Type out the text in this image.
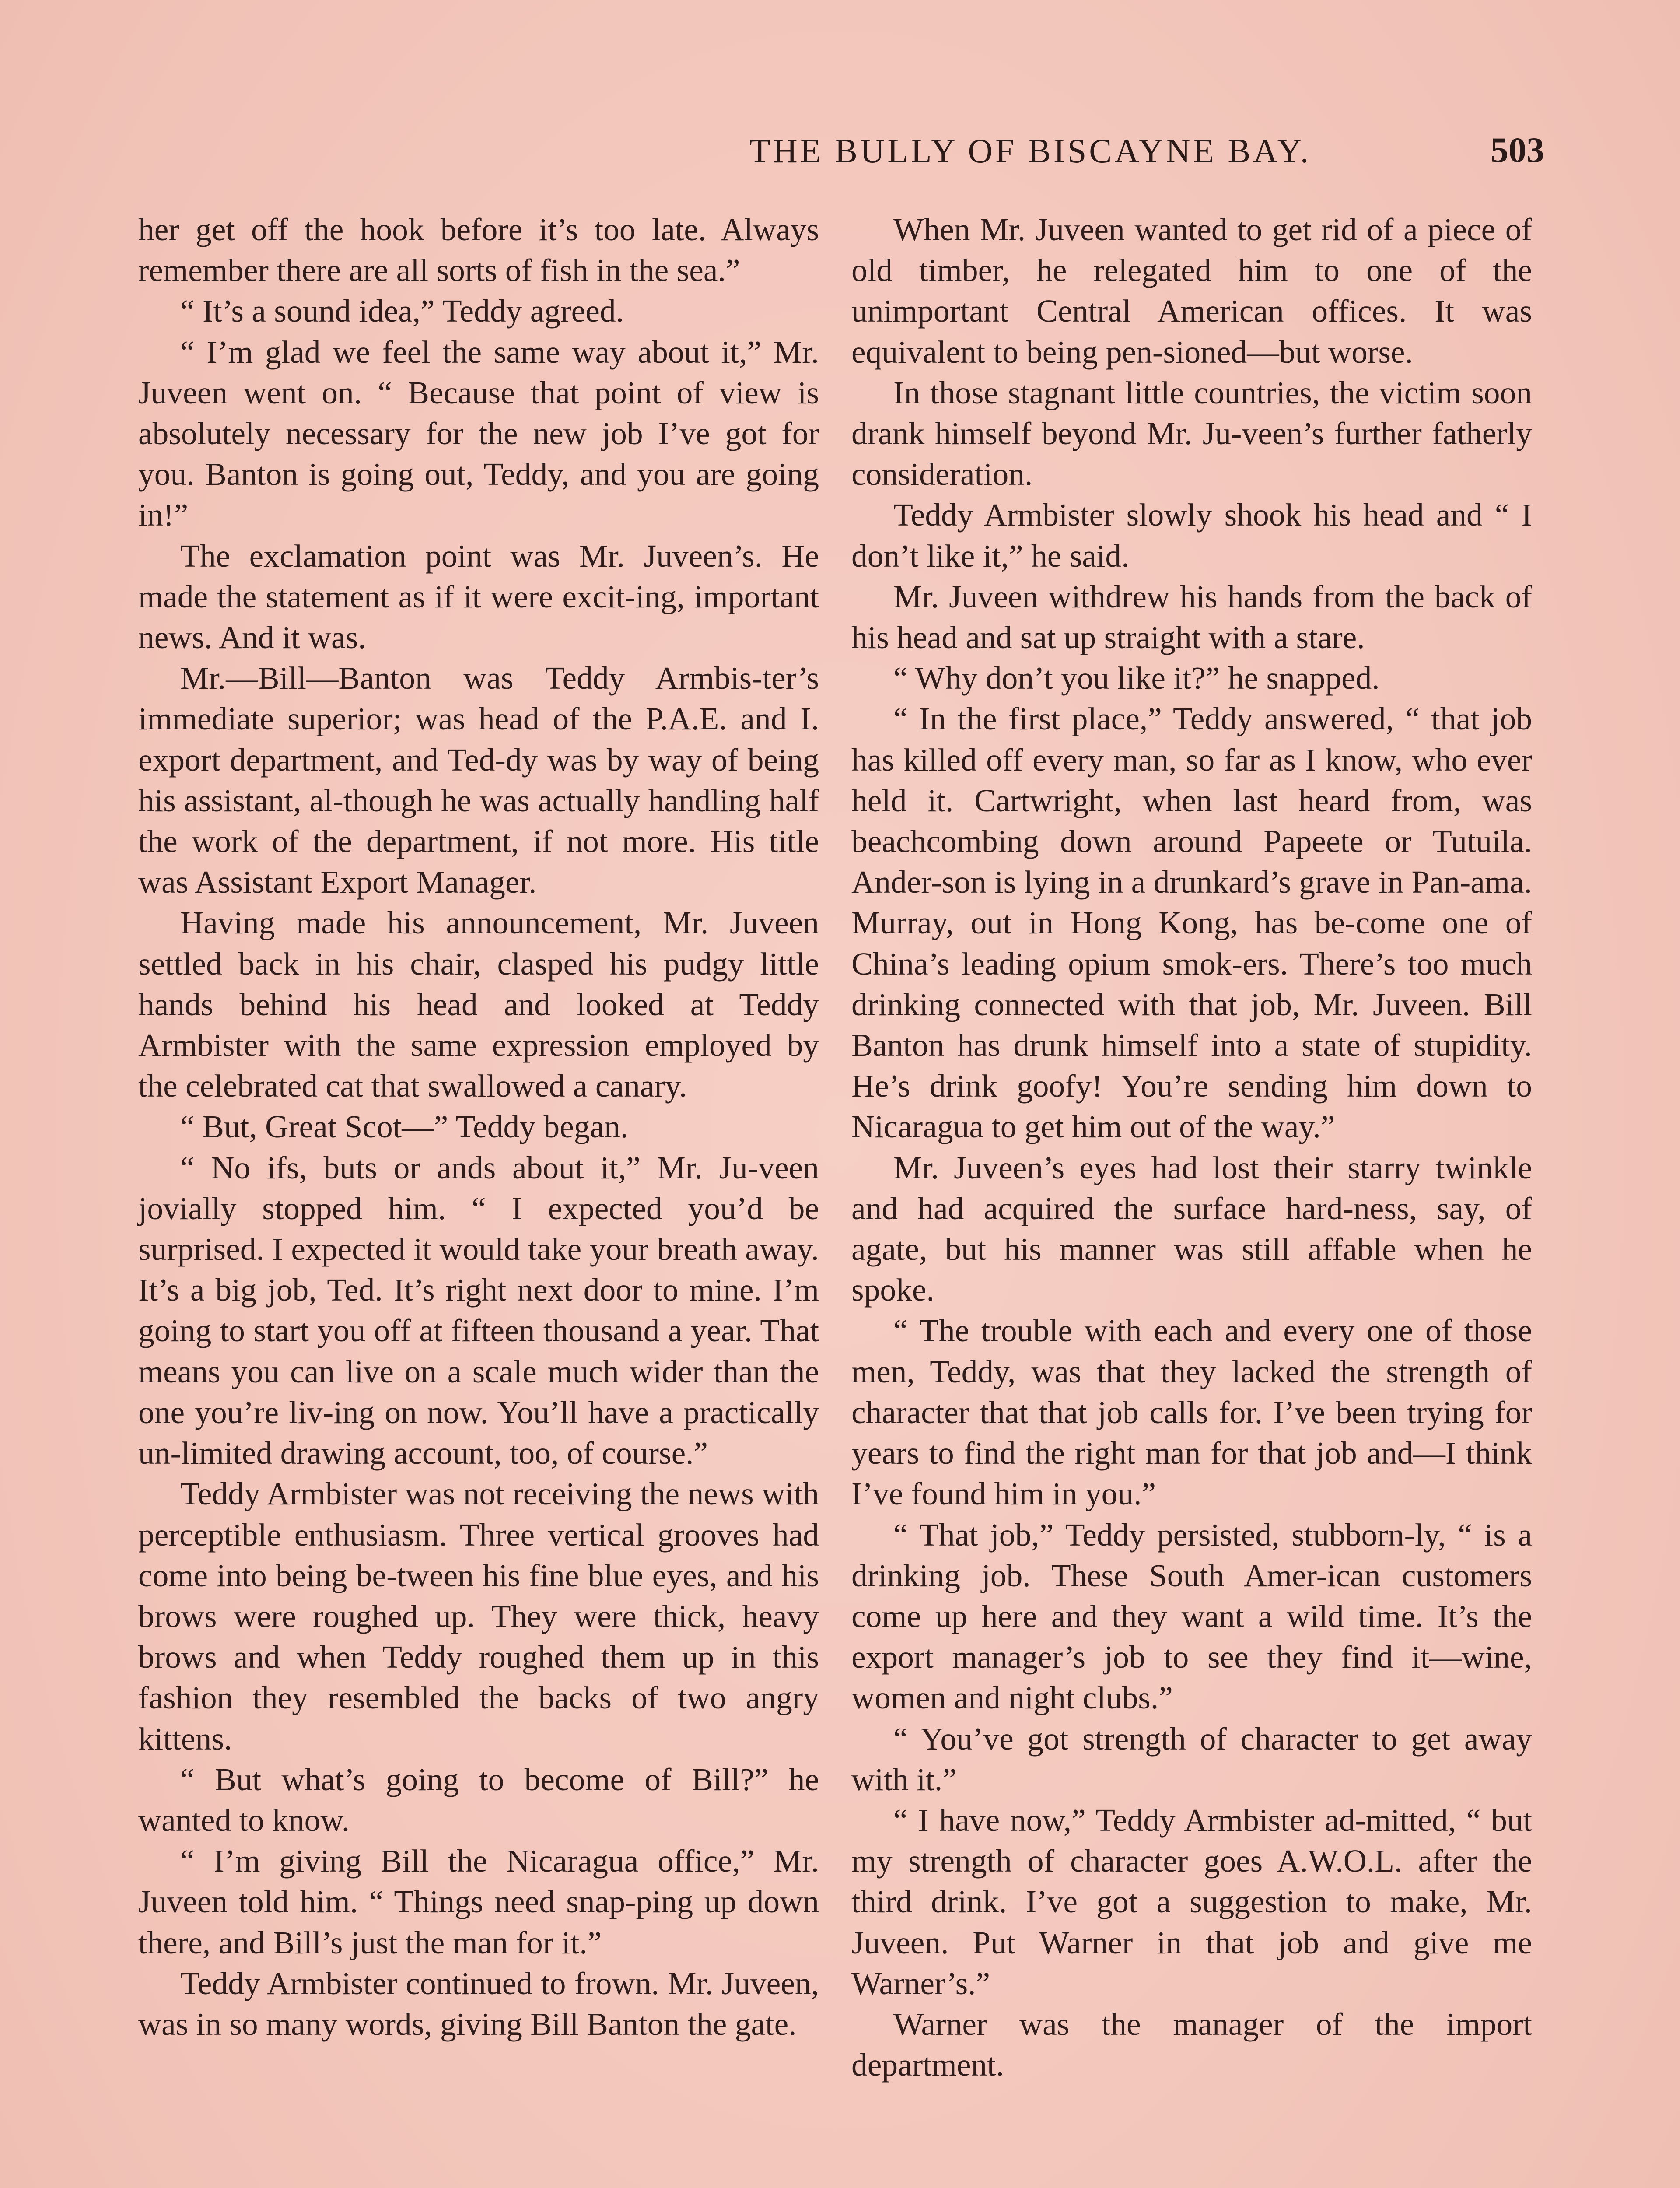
THE BULLY OF BISCAYNE BAY.	503

her get off the hook before it’s too late. Always remember there are all sorts of fish in the sea.”

“ It’s a sound idea,” Teddy agreed.

“ I’m glad we feel the same way about it,” Mr. Juveen went on. “ Because that point of view is absolutely necessary for the new job I’ve got for you. Banton is going out, Teddy, and you are going in!”

The exclamation point was Mr. Juveen’s. He made the statement as if it were excit-ing, important news. And it was.

Mr.—Bill—Banton was Teddy Armbis-ter’s immediate superior; was head of the P.A.E. and I. export department, and Ted-dy was by way of being his assistant, al-though he was actually handling half the work of the department, if not more. His title was Assistant Export Manager.

Having made his announcement, Mr. Juveen settled back in his chair, clasped his pudgy little hands behind his head and looked at Teddy Armbister with the same expression employed by the celebrated cat that swallowed a canary.

“ But, Great Scot—” Teddy began.

“ No ifs, buts or ands about it,” Mr. Ju-veen jovially stopped him. “ I expected you’d be surprised. I expected it would take your breath away. It’s a big job, Ted. It’s right next door to mine. I’m going to start you off at fifteen thousand a year. That means you can live on a scale much wider than the one you’re liv-ing on now. You’ll have a practically un-limited drawing account, too, of course.”

Teddy Armbister was not receiving the news with perceptible enthusiasm. Three vertical grooves had come into being be-tween his fine blue eyes, and his brows were roughed up. They were thick, heavy brows and when Teddy roughed them up in this fashion they resembled the backs of two angry kittens.

“ But what’s going to become of Bill?” he wanted to know.

“ I’m giving Bill the Nicaragua office,” Mr. Juveen told him. “ Things need snap-ping up down there, and Bill’s just the man for it.”

Teddy Armbister continued to frown. Mr. Juveen, was in so many words, giving Bill Banton the gate.

When Mr. Juveen wanted to get rid of a piece of old timber, he relegated him to one of the unimportant Central American offices. It was equivalent to being pen-sioned—but worse.

In those stagnant little countries, the victim soon drank himself beyond Mr. Ju-veen’s further fatherly consideration.

Teddy Armbister slowly shook his head and “ I don’t like it,” he said.

Mr. Juveen withdrew his hands from the back of his head and sat up straight with a stare.

“ Why don’t you like it?” he snapped.

“ In the first place,” Teddy answered, “ that job has killed off every man, so far as I know, who ever held it. Cartwright, when last heard from, was beachcombing down around Papeete or Tutuila. Ander-son is lying in a drunkard’s grave in Pan-ama. Murray, out in Hong Kong, has be-come one of China’s leading opium smok-ers. There’s too much drinking connected with that job, Mr. Juveen. Bill Banton has drunk himself into a state of stupidity. He’s drink goofy! You’re sending him down to Nicaragua to get him out of the way.”

Mr. Juveen’s eyes had lost their starry twinkle and had acquired the surface hard-ness, say, of agate, but his manner was still affable when he spoke.

“ The trouble with each and every one of those men, Teddy, was that they lacked the strength of character that that job calls for. I’ve been trying for years to find the right man for that job and—I think I’ve found him in you.”

“ That job,” Teddy persisted, stubborn-ly, “ is a drinking job. These South Amer-ican customers come up here and they want a wild time. It’s the export manager’s job to see they find it—wine, women and night clubs.”

“ You’ve got strength of character to get away with it.”

“ I have now,” Teddy Armbister ad-mitted, “ but my strength of character goes A.W.O.L. after the third drink. I’ve got a suggestion to make, Mr. Juveen. Put Warner in that job and give me Warner’s.”

Warner was the manager of the import department.
